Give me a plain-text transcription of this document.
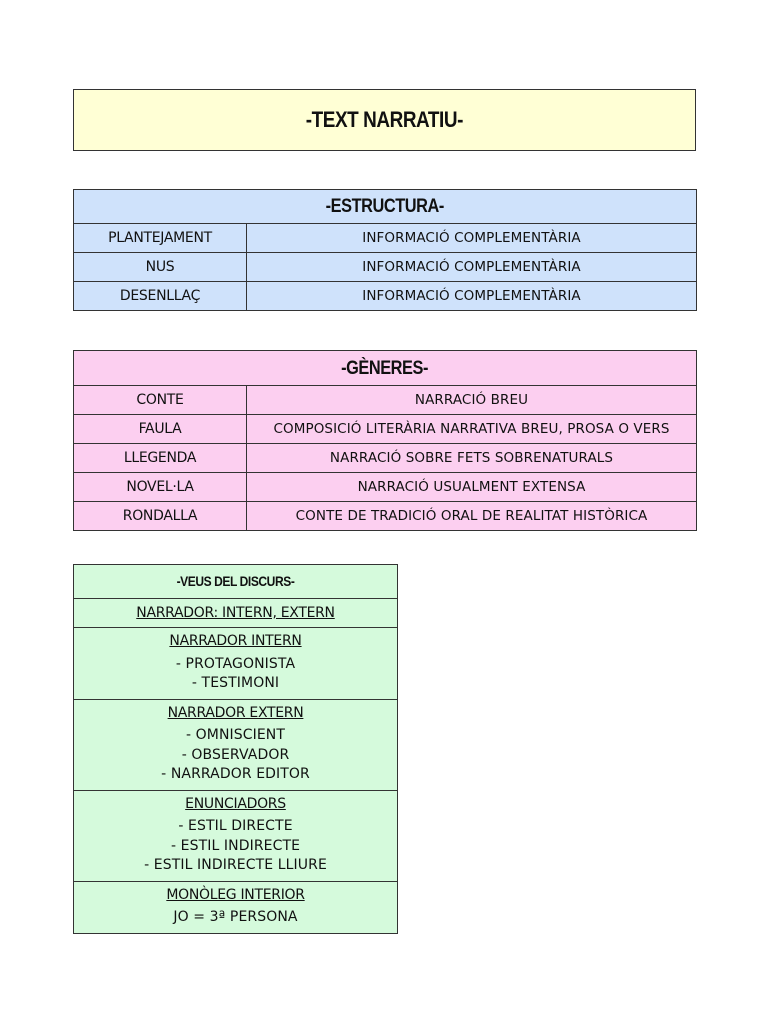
-TEXT NARRATIU-
-ESTRUCTURA-	
PLANTEJAMENT	INFORMACIÓ COMPLEMENTÀRIA
NUS	INFORMACIÓ COMPLEMENTÀRIA
DESENLLAÇ	INFORMACIÓ COMPLEMENTÀRIA
-GÈNERES-	
CONTE	NARRACIÓ BREU
FAULA	COMPOSICIÓ LITERÀRIA NARRATIVA BREU, PROSA O VERS
LLEGENDA	NARRACIÓ SOBRE FETS SOBRENATURALS
NOVEL·LA	NARRACIÓ USUALMENT EXTENSA
RONDALLA	CONTE DE TRADICIÓ ORAL DE REALITAT HISTÒRICA
-VEUS DEL DISCURS-
NARRADOR: INTERN, EXTERN

NARRADOR INTERN
- PROTAGONISTA
- TESTIMONI

NARRADOR EXTERN
- OMNISCIENT
- OBSERVADOR
- NARRADOR EDITOR

ENUNCIADORS
- ESTIL DIRECTE
- ESTIL INDIRECTE
- ESTIL INDIRECTE LLIURE

MONÒLEG INTERIOR
JO = 3ª PERSONA
